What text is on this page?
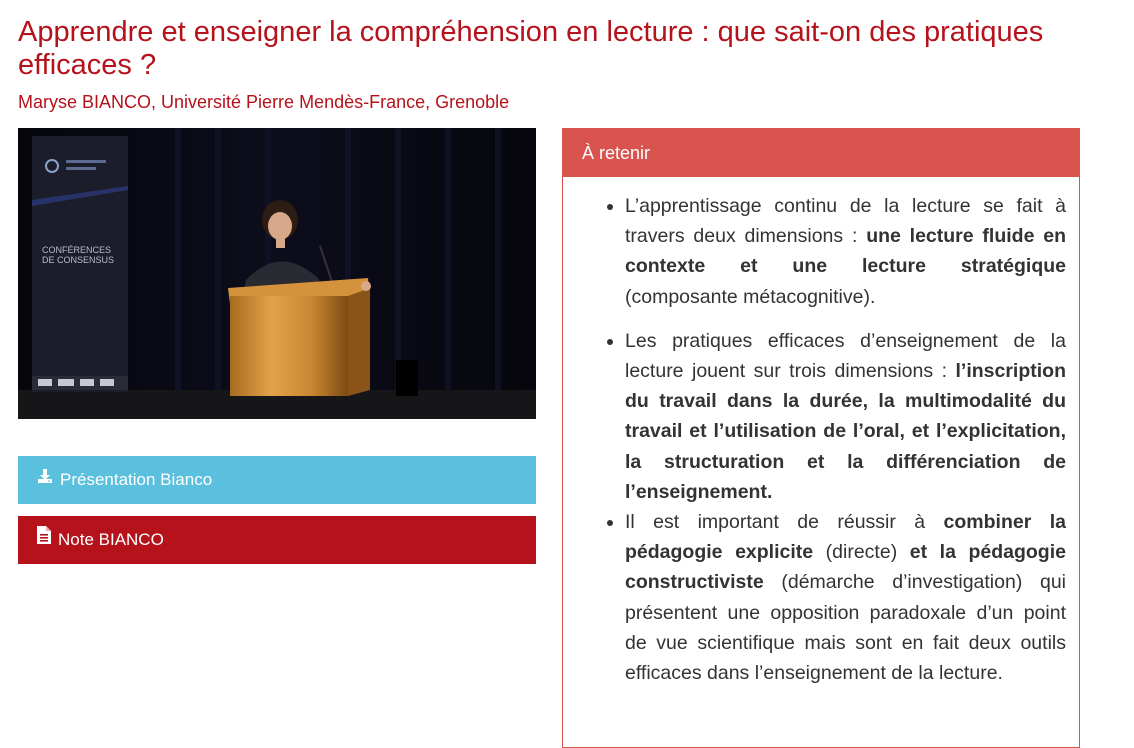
Apprendre et enseigner la compréhension en lecture : que sait-on des pratiques efficaces ?
Maryse BIANCO, Université Pierre Mendès-France, Grenoble
CONFÉRENCES
DE CONSENSUS
Présentation Bianco
Note BIANCO
À retenir
• L’apprentissage continu de la lecture se fait à travers deux dimensions : une lecture fluide en contexte et une lecture stratégique (composante métacognitive).
• Les pratiques efficaces d’enseignement de la lecture jouent sur trois dimensions : l’inscription du travail dans la durée, la multimodalité du travail et l’utilisation de l’oral, et l’explicitation, la structuration et la différenciation de l’enseignement.
• Il est important de réussir à combiner la pédagogie explicite (directe) et la pédagogie constructiviste (démarche d’investigation) qui présentent une opposition paradoxale d’un point de vue scientifique mais sont en fait deux outils efficaces dans l’enseignement de la lecture.
